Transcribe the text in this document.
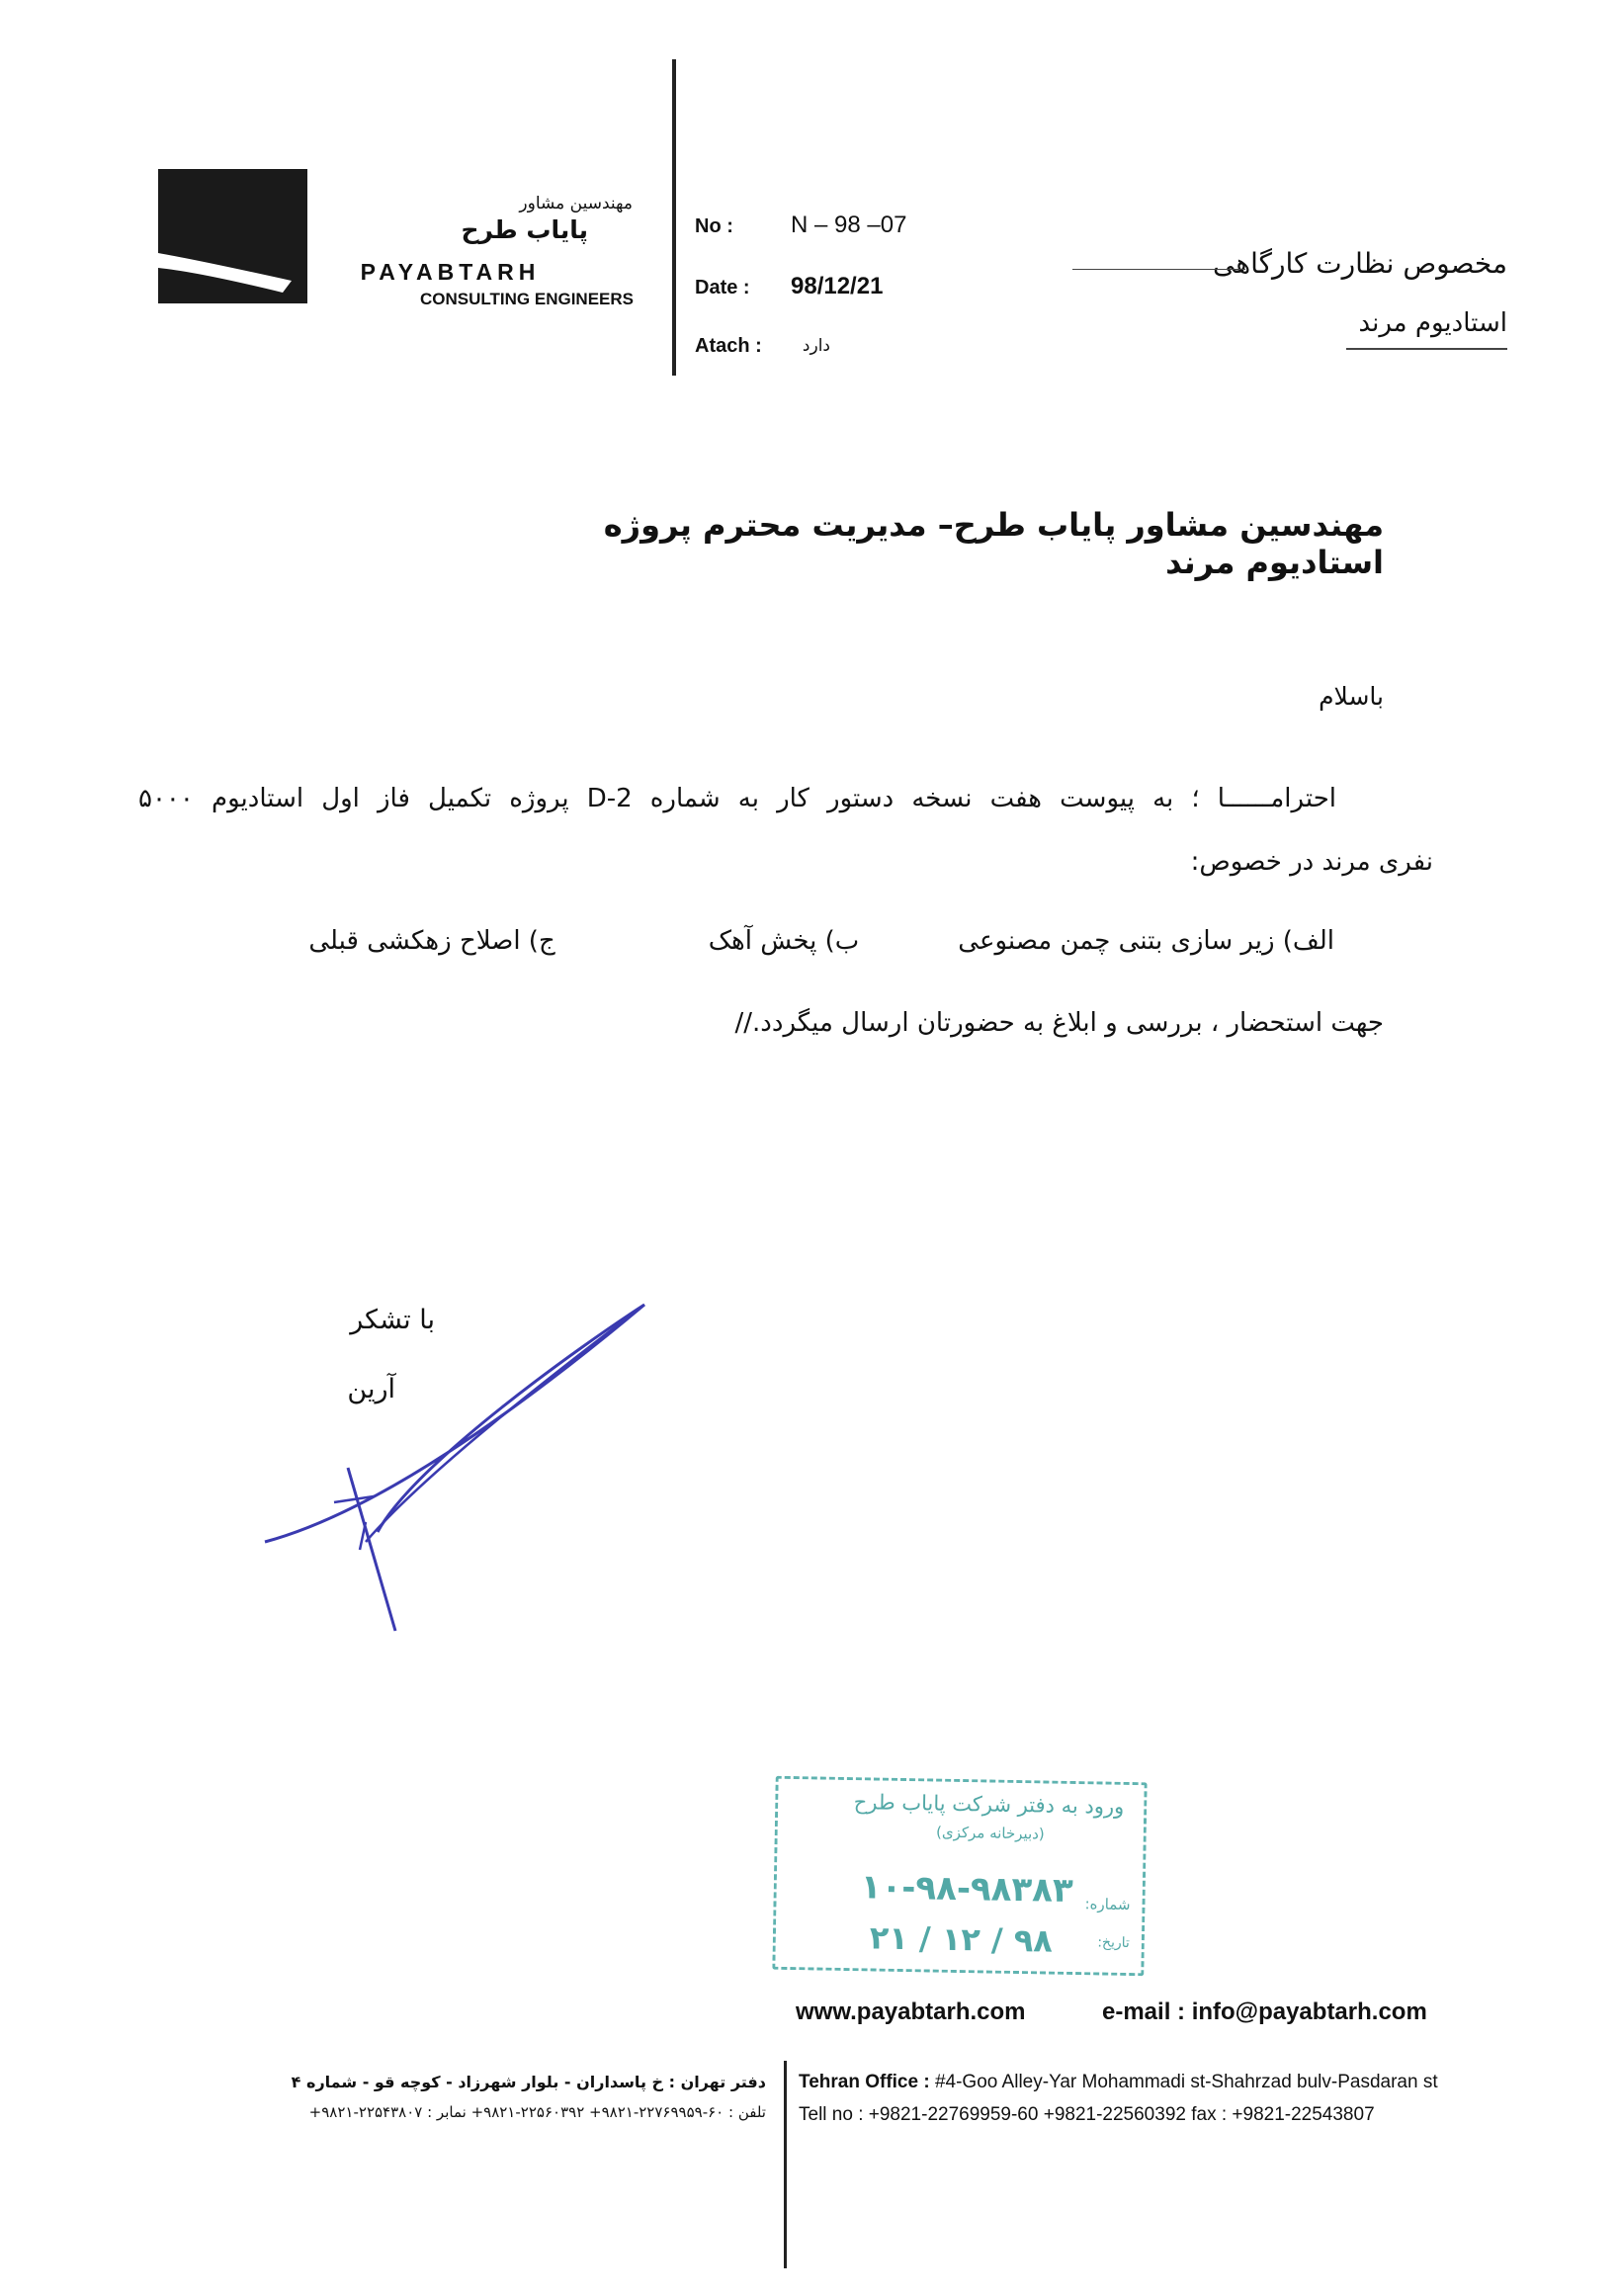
مهندسین مشاور
پایاب طرح
PAYABTARH
CONSULTING ENGINEERS
No : N – 98 –07
Date : 98/12/21
Atach :	دارد
مخصوص نظارت کارگاهی
استادیوم مرند
مهندسین مشاور پایاب طرح– مدیریت محترم پروژه استادیوم مرند
باسلام
احترامــــــا ؛ به پیوست هفت نسخه دستور کار به شماره D-2 پروژه تکمیل فاز اول استادیوم ۵۰۰۰
نفری مرند در خصوص:
الف) زیر سازی بتنی چمن مصنوعی
ب) پخش آهک
ج) اصلاح زهکشی قبلی
جهت استحضار ، بررسی و ابلاغ به حضورتان ارسال میگردد.//
با تشکر
آرین
ورود به دفتر شرکت پایاب طرح
(دبیرخانه مرکزی)
شماره:
۱۰-۹۸-۹۸۳۸۳
تاریخ:
۹۸ / ۱۲ / ۲۱
www.payabtarh.com	e-mail : info@payabtarh.com
دفتر تهران : خ پاسداران - بلوار شهرزاد - کوچه قو - شماره ۴
تلفن : ۶۰-۲۲۷۶۹۹۵۹-۹۸۲۱+ ۲۲۵۶۰۳۹۲-۹۸۲۱+ نمابر : ۲۲۵۴۳۸۰۷-۹۸۲۱+
Tehran Office : #4-Goo Alley-Yar Mohammadi st-Shahrzad bulv-Pasdaran st
Tell no : +9821-22769959-60 +9821-22560392 fax : +9821-22543807
